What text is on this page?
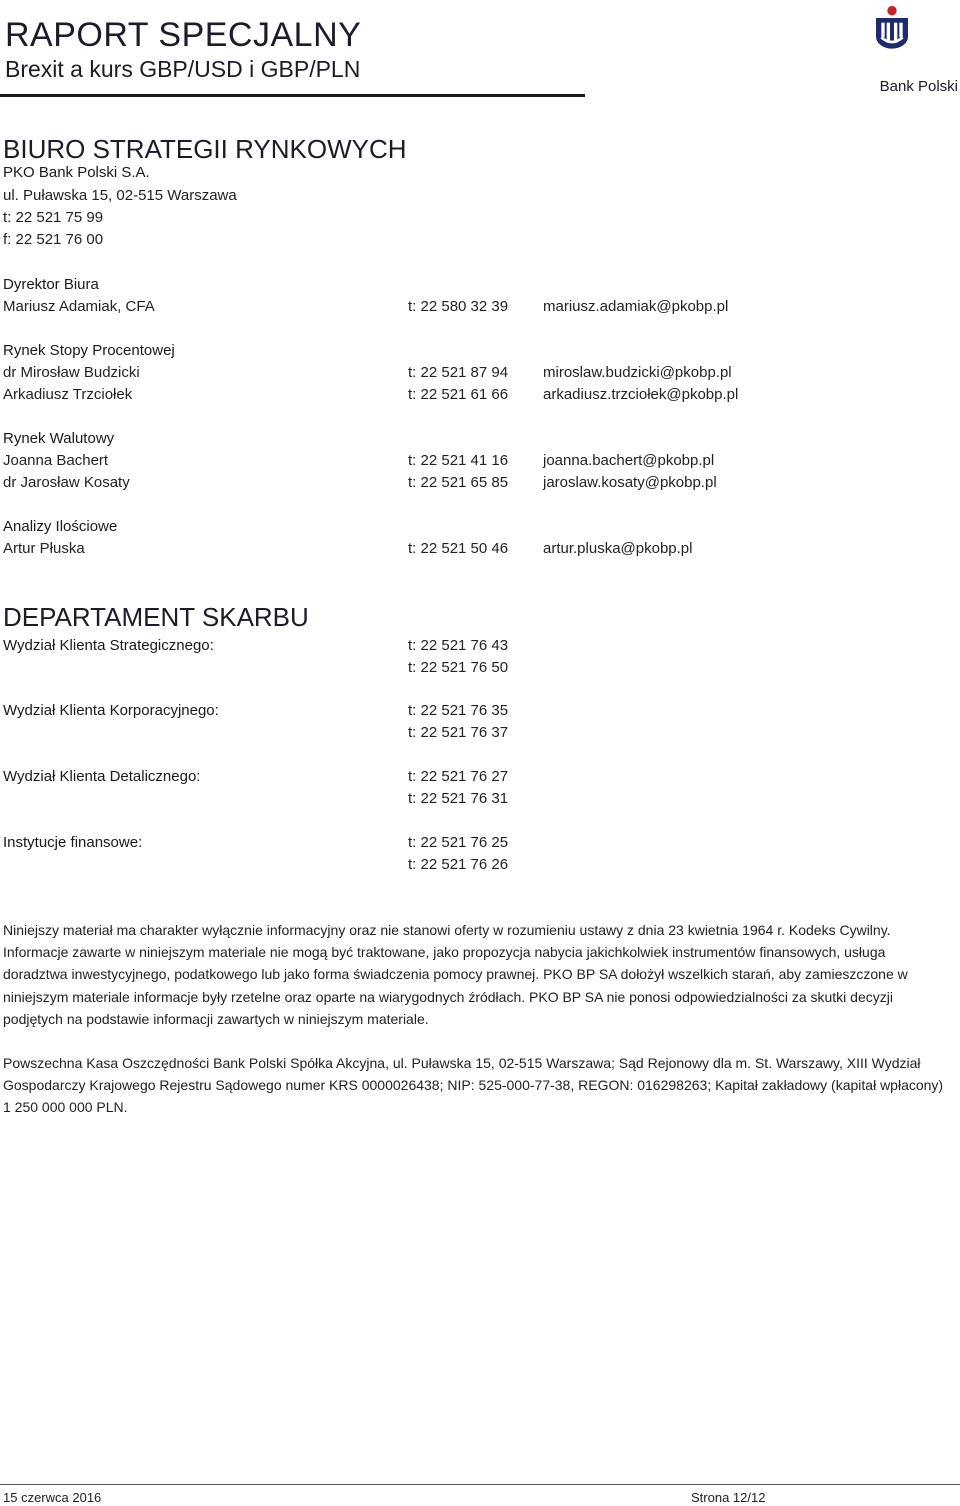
RAPORT SPECJALNY
Brexit a kurs GBP/USD i GBP/PLN
Bank Polski
BIURO STRATEGII RYNKOWYCH
PKO Bank Polski S.A.
ul. Puławska 15, 02-515 Warszawa
t: 22 521 75 99
f: 22 521 76 00
Dyrektor Biura
Mariusz Adamiak, CFA	t: 22 580 32 39 mariusz.adamiak@pkobp.pl
Rynek Stopy Procentowej
dr Mirosław Budzicki	t: 22 521 87 94 miroslaw.budzicki@pkobp.pl
Arkadiusz Trzciołek	t: 22 521 61 66 arkadiusz.trzciołek@pkobp.pl
Rynek Walutowy
Joanna Bachert	t: 22 521 41 16 joanna.bachert@pkobp.pl
dr Jarosław Kosaty	t: 22 521 65 85 jaroslaw.kosaty@pkobp.pl
Analizy Ilościowe
Artur Płuska	t: 22 521 50 46 artur.pluska@pkobp.pl
DEPARTAMENT SKARBU
Wydział Klienta Strategicznego:	t: 22 521 76 43
t: 22 521 76 50
Wydział Klienta Korporacyjnego:	t: 22 521 76 35
t: 22 521 76 37
Wydział Klienta Detalicznego:	t: 22 521 76 27
t: 22 521 76 31
Instytucje finansowe:	t: 22 521 76 25
t: 22 521 76 26
Niniejszy materiał ma charakter wyłącznie informacyjny oraz nie stanowi oferty w rozumieniu ustawy z dnia 23 kwietnia 1964 r. Kodeks Cywilny. Informacje zawarte w niniejszym materiale nie mogą być traktowane, jako propozycja nabycia jakichkolwiek instrumentów finansowych, usługa doradztwa inwestycyjnego, podatkowego lub jako forma świadczenia pomocy prawnej. PKO BP SA dołożył wszelkich starań, aby zamieszczone w niniejszym materiale informacje były rzetelne oraz oparte na wiarygodnych źródłach. PKO BP SA nie ponosi odpowiedzialności za skutki decyzji podjętych na podstawie informacji zawartych w niniejszym materiale.
Powszechna Kasa Oszczędności Bank Polski Spółka Akcyjna, ul. Puławska 15, 02-515 Warszawa; Sąd Rejonowy dla m. St. Warszawy, XIII Wydział Gospodarczy Krajowego Rejestru Sądowego numer KRS 0000026438; NIP: 525-000-77-38, REGON: 016298263; Kapitał zakładowy (kapitał wpłacony) 1 250 000 000 PLN.
15 czerwca 2016	Strona 12/12
